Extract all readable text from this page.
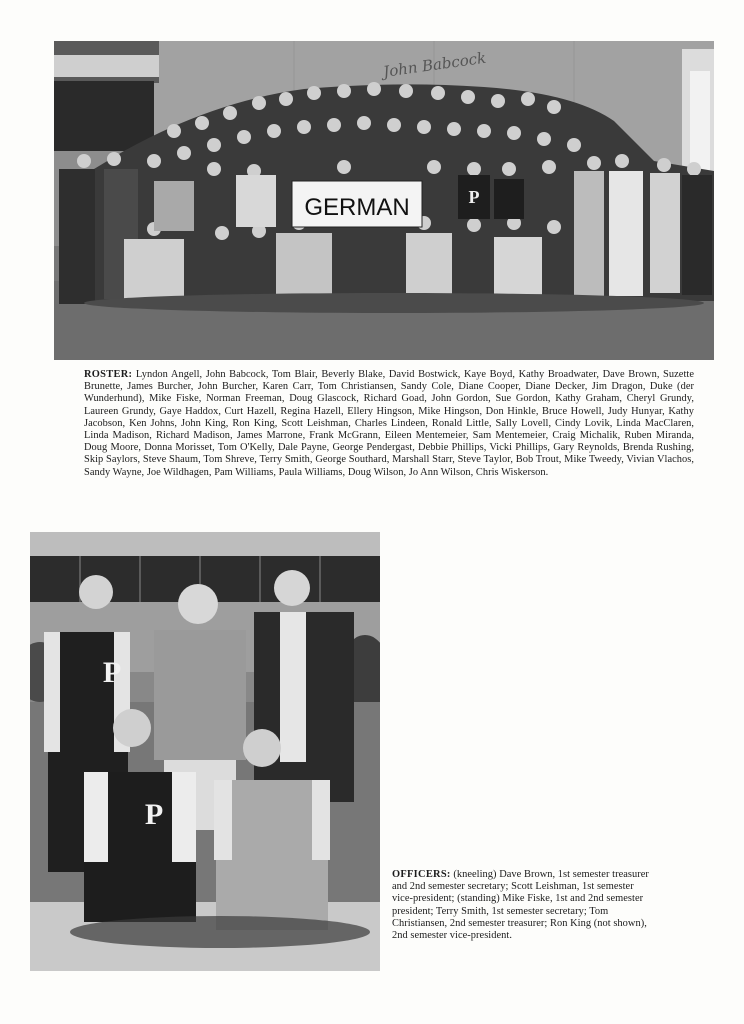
P
GERMAN
John Babcock
ROSTER: Lyndon Angell, John Babcock, Tom Blair, Beverly Blake, David Bostwick, Kaye Boyd, Kathy Broadwater, Dave Brown, Suzette Brunette, James Burcher, John Burcher, Karen Carr, Tom Christiansen, Sandy Cole, Diane Cooper, Diane Decker, Jim Dragon, Duke (der Wunderhund), Mike Fiske, Norman Freeman, Doug Glascock, Richard Goad, John Gordon, Sue Gordon, Kathy Graham, Cheryl Grundy, Laureen Grundy, Gaye Haddox, Curt Hazell, Regina Hazell, Ellery Hingson, Mike Hingson, Don Hinkle, Bruce Howell, Judy Hunyar, Kathy Jacobson, Ken Johns, John King, Ron King, Scott Leishman, Charles Lindeen, Ronald Little, Sally Lovell, Cindy Lovik, Linda MacClaren, Linda Madison, Richard Madison, James Marrone, Frank McGrann, Eileen Mentemeier, Sam Mentemeier, Craig Michalik, Ruben Miranda, Doug Moore, Donna Morisset, Tom O'Kelly, Dale Payne, George Pendergast, Debbie Phillips, Vicki Phillips, Gary Reynolds, Brenda Rushing, Skip Saylors, Steve Shaum, Tom Shreve, Terry Smith, George Southard, Marshall Starr, Steve Taylor, Bob Trout, Mike Tweedy, Vivian Vlachos, Sandy Wayne, Joe Wildhagen, Pam Williams, Paula Williams, Doug Wilson, Jo Ann Wilson, Chris Wiskerson.
P
P
OFFICERS: (kneeling) Dave Brown, 1st semester treasurer and 2nd semester secretary; Scott Leishman, 1st semester vice-president; (standing) Mike Fiske, 1st and 2nd semester president; Terry Smith, 1st semester secretary; Tom Christiansen, 2nd semester treasurer; Ron King (not shown), 2nd semester vice-president.
